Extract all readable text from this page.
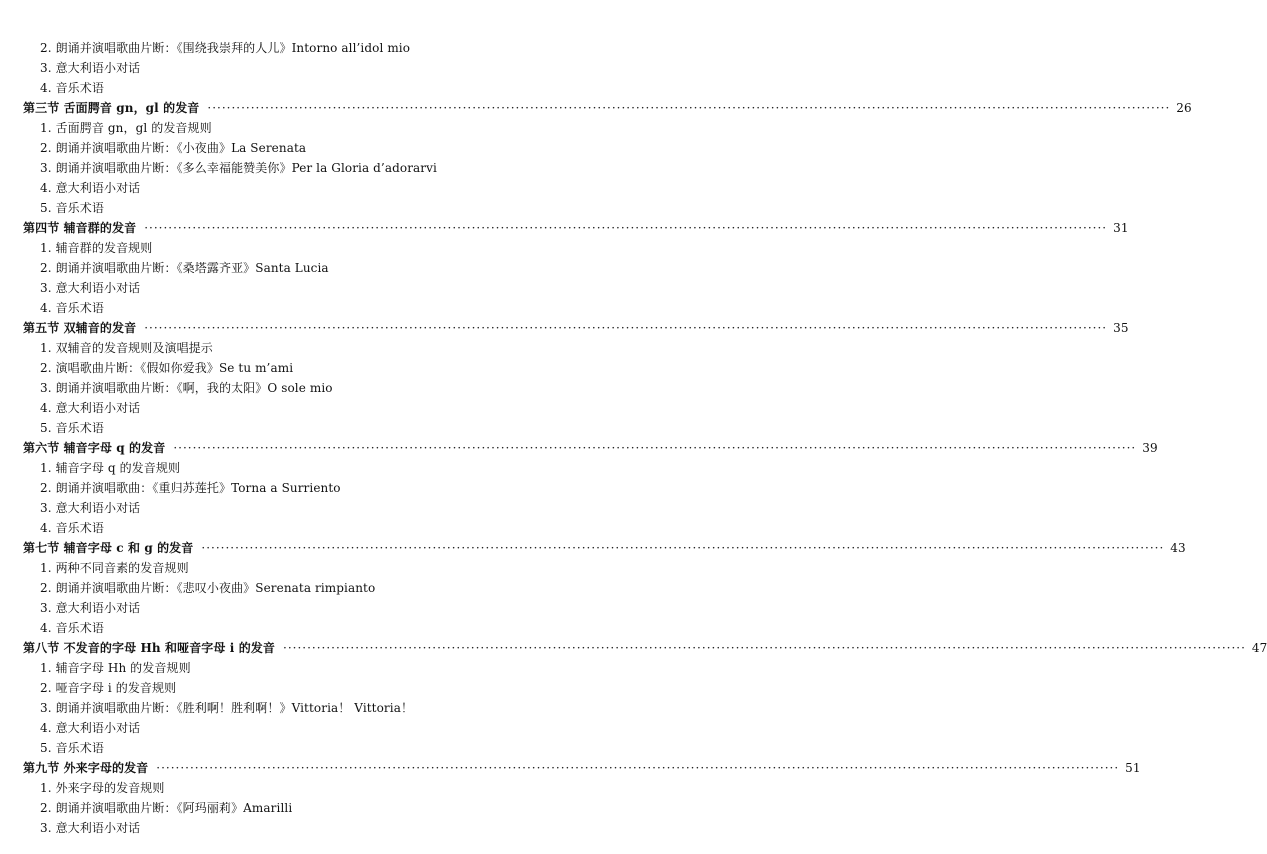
2. 朗诵并演唱歌曲片断：《围绕我崇拜的人儿》Intorno all’idol mio
3. 意大利语小对话
4. 音乐术语
第三节 舌面腭音 gn，gl 的发音 ········································································································································································································ 26
1. 舌面腭音 gn，gl 的发音规则
2. 朗诵并演唱歌曲片断：《小夜曲》La Serenata
3. 朗诵并演唱歌曲片断：《多么幸福能赞美你》Per la Gloria d’adorarvi
4. 意大利语小对话
5. 音乐术语
第四节 辅音群的发音 ········································································································································································································ 31
1. 辅音群的发音规则
2. 朗诵并演唱歌曲片断：《桑塔露齐亚》Santa Lucia
3. 意大利语小对话
4. 音乐术语
第五节 双辅音的发音 ········································································································································································································ 35
1. 双辅音的发音规则及演唱提示
2. 演唱歌曲片断：《假如你爱我》Se tu m’ami
3. 朗诵并演唱歌曲片断：《啊，我的太阳》O sole mio
4. 意大利语小对话
5. 音乐术语
第六节 辅音字母 q 的发音 ········································································································································································································ 39
1. 辅音字母 q 的发音规则
2. 朗诵并演唱歌曲：《重归苏莲托》Torna a Surriento
3. 意大利语小对话
4. 音乐术语
第七节 辅音字母 c 和 g 的发音 ········································································································································································································ 43
1. 两种不同音素的发音规则
2. 朗诵并演唱歌曲片断：《悲叹小夜曲》Serenata rimpianto
3. 意大利语小对话
4. 音乐术语
第八节 不发音的字母 Hh 和哑音字母 i 的发音 ········································································································································································································ 47
1. 辅音字母 Hh 的发音规则
2. 哑音字母 i 的发音规则
3. 朗诵并演唱歌曲片断：《胜利啊！胜利啊！》Vittoria！ Vittoria！
4. 意大利语小对话
5. 音乐术语
第九节 外来字母的发音 ········································································································································································································ 51
1. 外来字母的发音规则
2. 朗诵并演唱歌曲片断：《阿玛丽莉》Amarilli
3. 意大利语小对话
